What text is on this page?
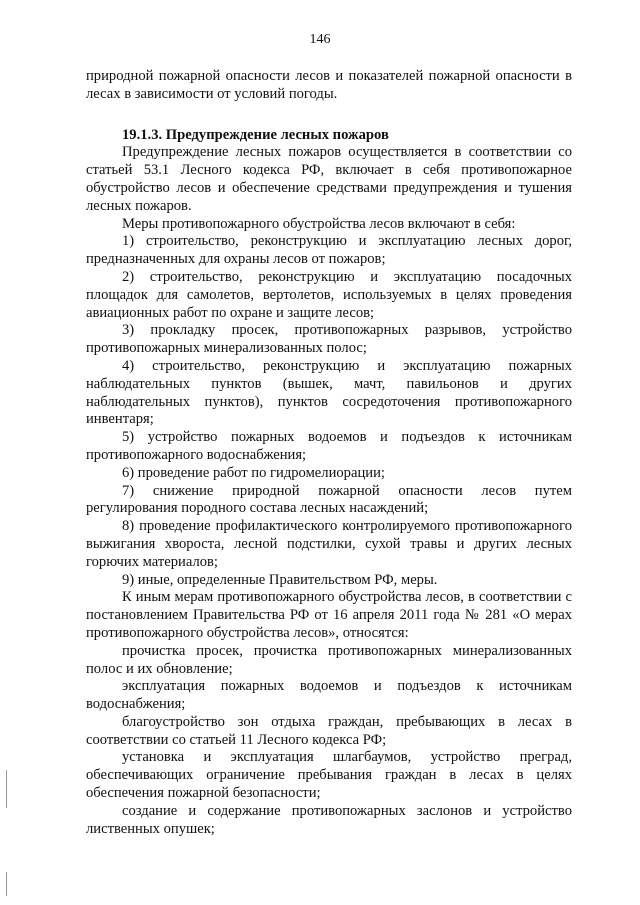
146

природной пожарной опасности лесов и показателей пожарной опасности в лесах в зависимости от условий погоды.

19.1.3. Предупреждение лесных пожаров

Предупреждение лесных пожаров осуществляется в соответствии со статьей 53.1 Лесного кодекса РФ, включает в себя противопожарное обустройство лесов и обеспечение средствами предупреждения и тушения лесных пожаров.

Меры противопожарного обустройства лесов включают в себя:

1) строительство, реконструкцию и эксплуатацию лесных дорог, предназначенных для охраны лесов от пожаров;

2) строительство, реконструкцию и эксплуатацию посадочных площадок для самолетов, вертолетов, используемых в целях проведения авиационных работ по охране и защите лесов;

3) прокладку просек, противопожарных разрывов, устройство противопожарных минерализованных полос;

4) строительство, реконструкцию и эксплуатацию пожарных наблюдательных пунктов (вышек, мачт, павильонов и других наблюдательных пунктов), пунктов сосредоточения противопожарного инвентаря;

5) устройство пожарных водоемов и подъездов к источникам противопожарного водоснабжения;

6) проведение работ по гидромелиорации;

7) снижение природной пожарной опасности лесов путем регулирования породного состава лесных насаждений;

8) проведение профилактического контролируемого противопожарного выжигания хвороста, лесной подстилки, сухой травы и других лесных горючих материалов;

9) иные, определенные Правительством РФ, меры.

К иным мерам противопожарного обустройства лесов, в соответствии с постановлением Правительства РФ от 16 апреля 2011 года № 281 «О мерах противопожарного обустройства лесов», относятся:

прочистка просек, прочистка противопожарных минерализованных полос и их обновление;

эксплуатация пожарных водоемов и подъездов к источникам водоснабжения;

благоустройство зон отдыха граждан, пребывающих в лесах в соответствии со статьей 11 Лесного кодекса РФ;

установка и эксплуатация шлагбаумов, устройство преград, обеспечивающих ограничение пребывания граждан в лесах в целях обеспечения пожарной безопасности;

создание и содержание противопожарных заслонов и устройство лиственных опушек;
